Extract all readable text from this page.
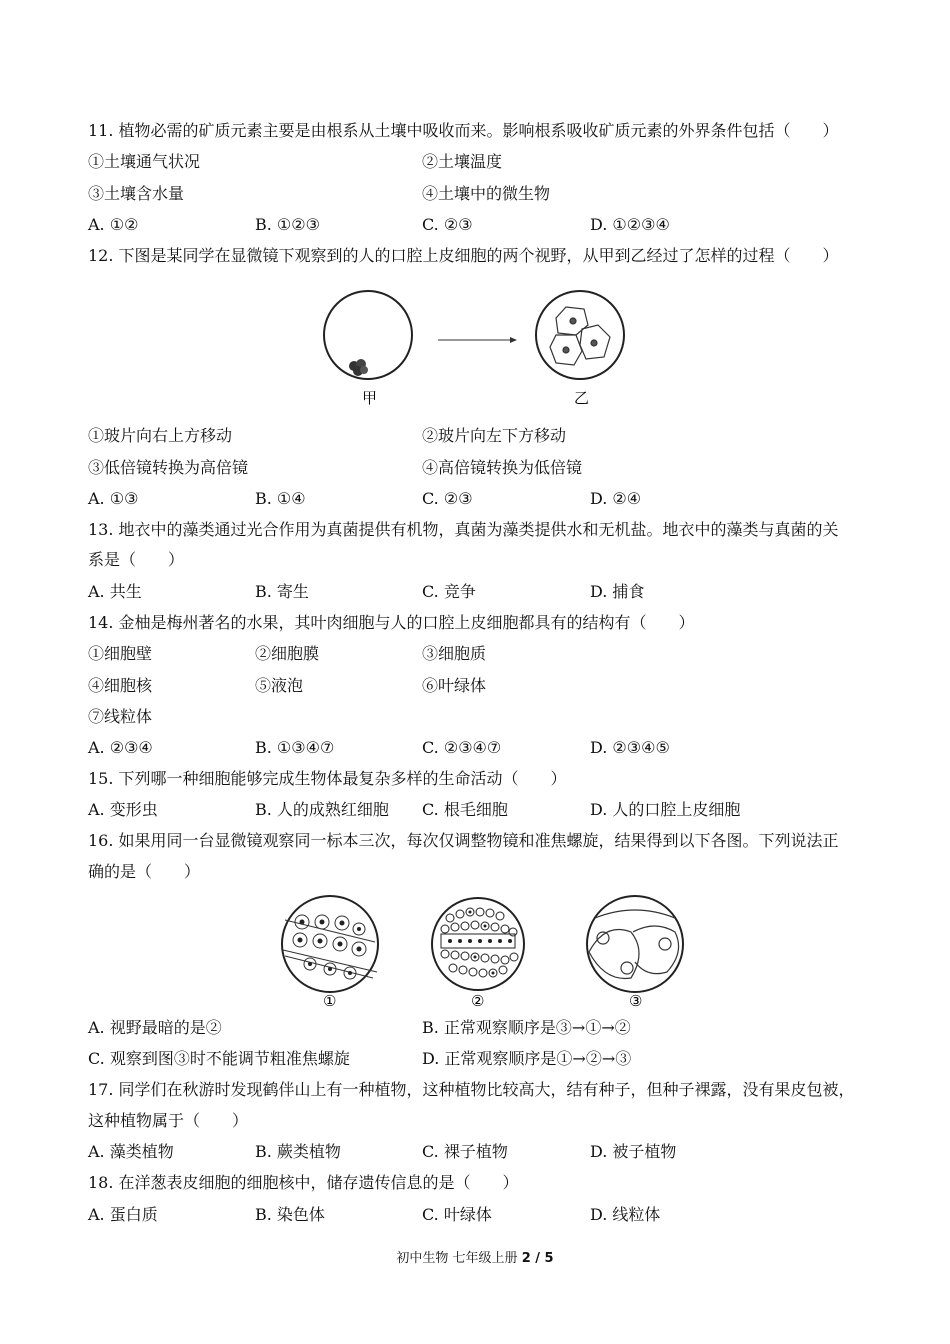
11. 植物必需的矿质元素主要是由根系从土壤中吸收而来。影响根系吸收矿质元素的外界条件包括（　　）
①土壤通气状况	②土壤温度
③土壤含水量	④土壤中的微生物
A. ①②	B. ①②③	C. ②③	D. ①②③④
12. 下图是某同学在显微镜下观察到的人的口腔上皮细胞的两个视野，从甲到乙经过了怎样的过程（　　）
甲	乙
①玻片向右上方移动	②玻片向左下方移动
③低倍镜转换为高倍镜	④高倍镜转换为低倍镜
A. ①③	B. ①④	C. ②③	D. ②④
13. 地衣中的藻类通过光合作用为真菌提供有机物，真菌为藻类提供水和无机盐。地衣中的藻类与真菌的关
系是（　　）
A. 共生	B. 寄生	C. 竞争	D. 捕食
14. 金柚是梅州著名的水果，其叶肉细胞与人的口腔上皮细胞都具有的结构有（　　）
①细胞壁	②细胞膜	③细胞质
④细胞核	⑤液泡	⑥叶绿体
⑦线粒体
A. ②③④	B. ①③④⑦	C. ②③④⑦	D. ②③④⑤
15. 下列哪一种细胞能够完成生物体最复杂多样的生命活动（　　）
A. 变形虫	B. 人的成熟红细胞 C. 根毛细胞	D. 人的口腔上皮细胞
16. 如果用同一台显微镜观察同一标本三次，每次仅调整物镜和准焦螺旋，结果得到以下各图。下列说法正
确的是（　　）
①	②	③
A. 视野最暗的是②	B. 正常观察顺序是③→①→②
C. 观察到图③时不能调节粗准焦螺旋	D. 正常观察顺序是①→②→③
17. 同学们在秋游时发现鹤伴山上有一种植物，这种植物比较高大，结有种子，但种子裸露，没有果皮包被，
这种植物属于（　　）
A. 藻类植物	B. 蕨类植物	C. 裸子植物	D. 被子植物
18. 在洋葱表皮细胞的细胞核中，储存遗传信息的是（　　）
A. 蛋白质	B. 染色体	C. 叶绿体	D. 线粒体
初中生物 七年级上册 2 / 5
